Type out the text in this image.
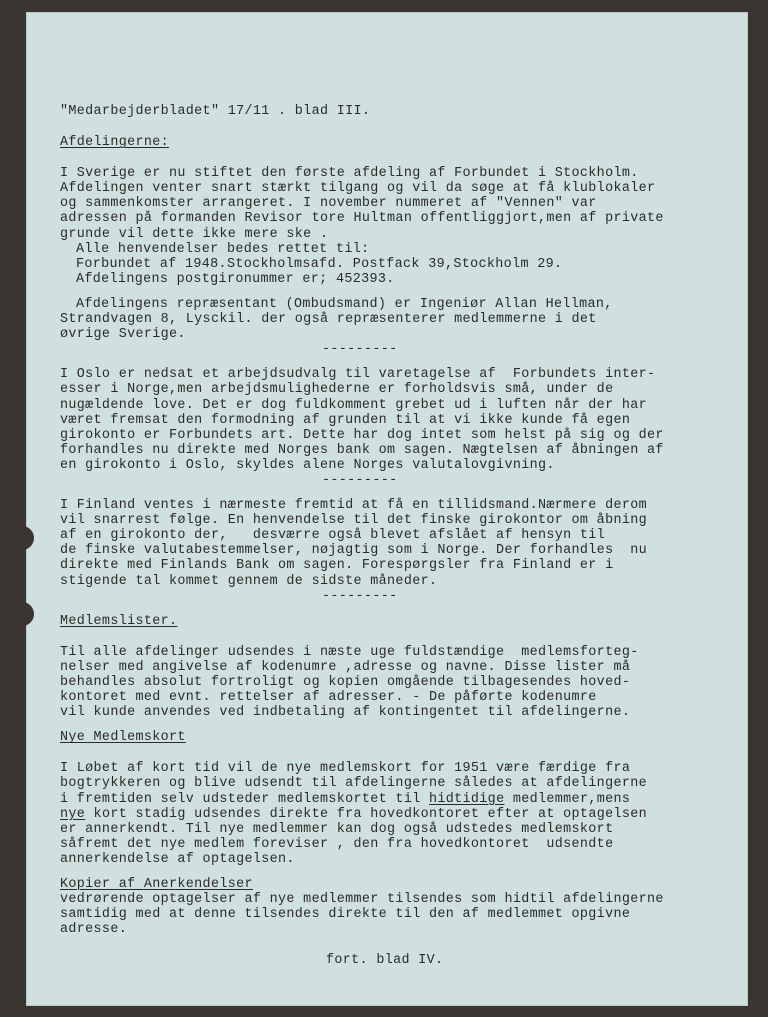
"Medarbejderbladet" 17/11 . blad III.
Afdelingerne:
I Sverige er nu stiftet den første afdeling af Forbundet i Stockholm.
Afdelingen venter snart stærkt tilgang og vil da søge at få klublokaler
og sammenkomster arrangeret. I november nummeret af "Vennen" var
adressen på formanden Revisor tore Hultman offentliggjort,men af private
grunde vil dette ikke mere ske .
Alle henvendelser bedes rettet til:
Forbundet af 1948.Stockholmsafd. Postfack 39,Stockholm 29.
Afdelingens postgironummer er; 452393.
Afdelingens repræsentant (Ombudsmand) er Ingeniør Allan Hellman,
Strandvagen 8, Lysckil. der også repræsenterer medlemmerne i det
øvrige Sverige.
---------
I Oslo er nedsat et arbejdsudvalg til varetagelse af  Forbundets inter-
esser i Norge,men arbejdsmulighederne er forholdsvis små, under de
nugældende love. Det er dog fuldkomment grebet ud i luften når der har
været fremsat den formodning af grunden til at vi ikke kunde få egen
girokonto er Forbundets art. Dette har dog intet som helst på sig og der
forhandles nu direkte med Norges bank om sagen. Nægtelsen af åbningen af
en girokonto i Oslo, skyldes alene Norges valutalovgivning.
---------
I Finland ventes i nærmeste fremtid at få en tillidsmand.Nærmere derom
vil snarrest følge. En henvendelse til det finske girokontor om åbning
af en girokonto der,   desværre også blevet afslået af hensyn til
de finske valutabestemmelser, nøjagtig som i Norge. Der forhandles  nu
direkte med Finlands Bank om sagen. Forespørgsler fra Finland er i
stigende tal kommet gennem de sidste måneder.
---------
Medlemslister.
Til alle afdelinger udsendes i næste uge fuldstændige  medlemsforteg-
nelser med angivelse af kodenumre ,adresse og navne. Disse lister må
behandles absolut fortroligt og kopien omgående tilbagesendes hoved-
kontoret med evnt. rettelser af adresser. - De påførte kodenumre
vil kunde anvendes ved indbetaling af kontingentet til afdelingerne.
Nye Medlemskort
I Løbet af kort tid vil de nye medlemskort for 1951 være færdige fra
bogtrykkeren og blive udsendt til afdelingerne således at afdelingerne
i fremtiden selv udsteder medlemskortet til hidtidige medlemmer,mens
nye kort stadig udsendes direkte fra hovedkontoret efter at optagelsen
er annerkendt. Til nye medlemmer kan dog også udstedes medlemskort
såfremt det nye medlem foreviser , den fra hovedkontoret  udsendte
annerkendelse af optagelsen.
Kopier af Anerkendelser
vedrørende optagelser af nye medlemmer tilsendes som hidtil afdelingerne
samtidig med at denne tilsendes direkte til den af medlemmet opgivne
adresse.
fort. blad IV.
